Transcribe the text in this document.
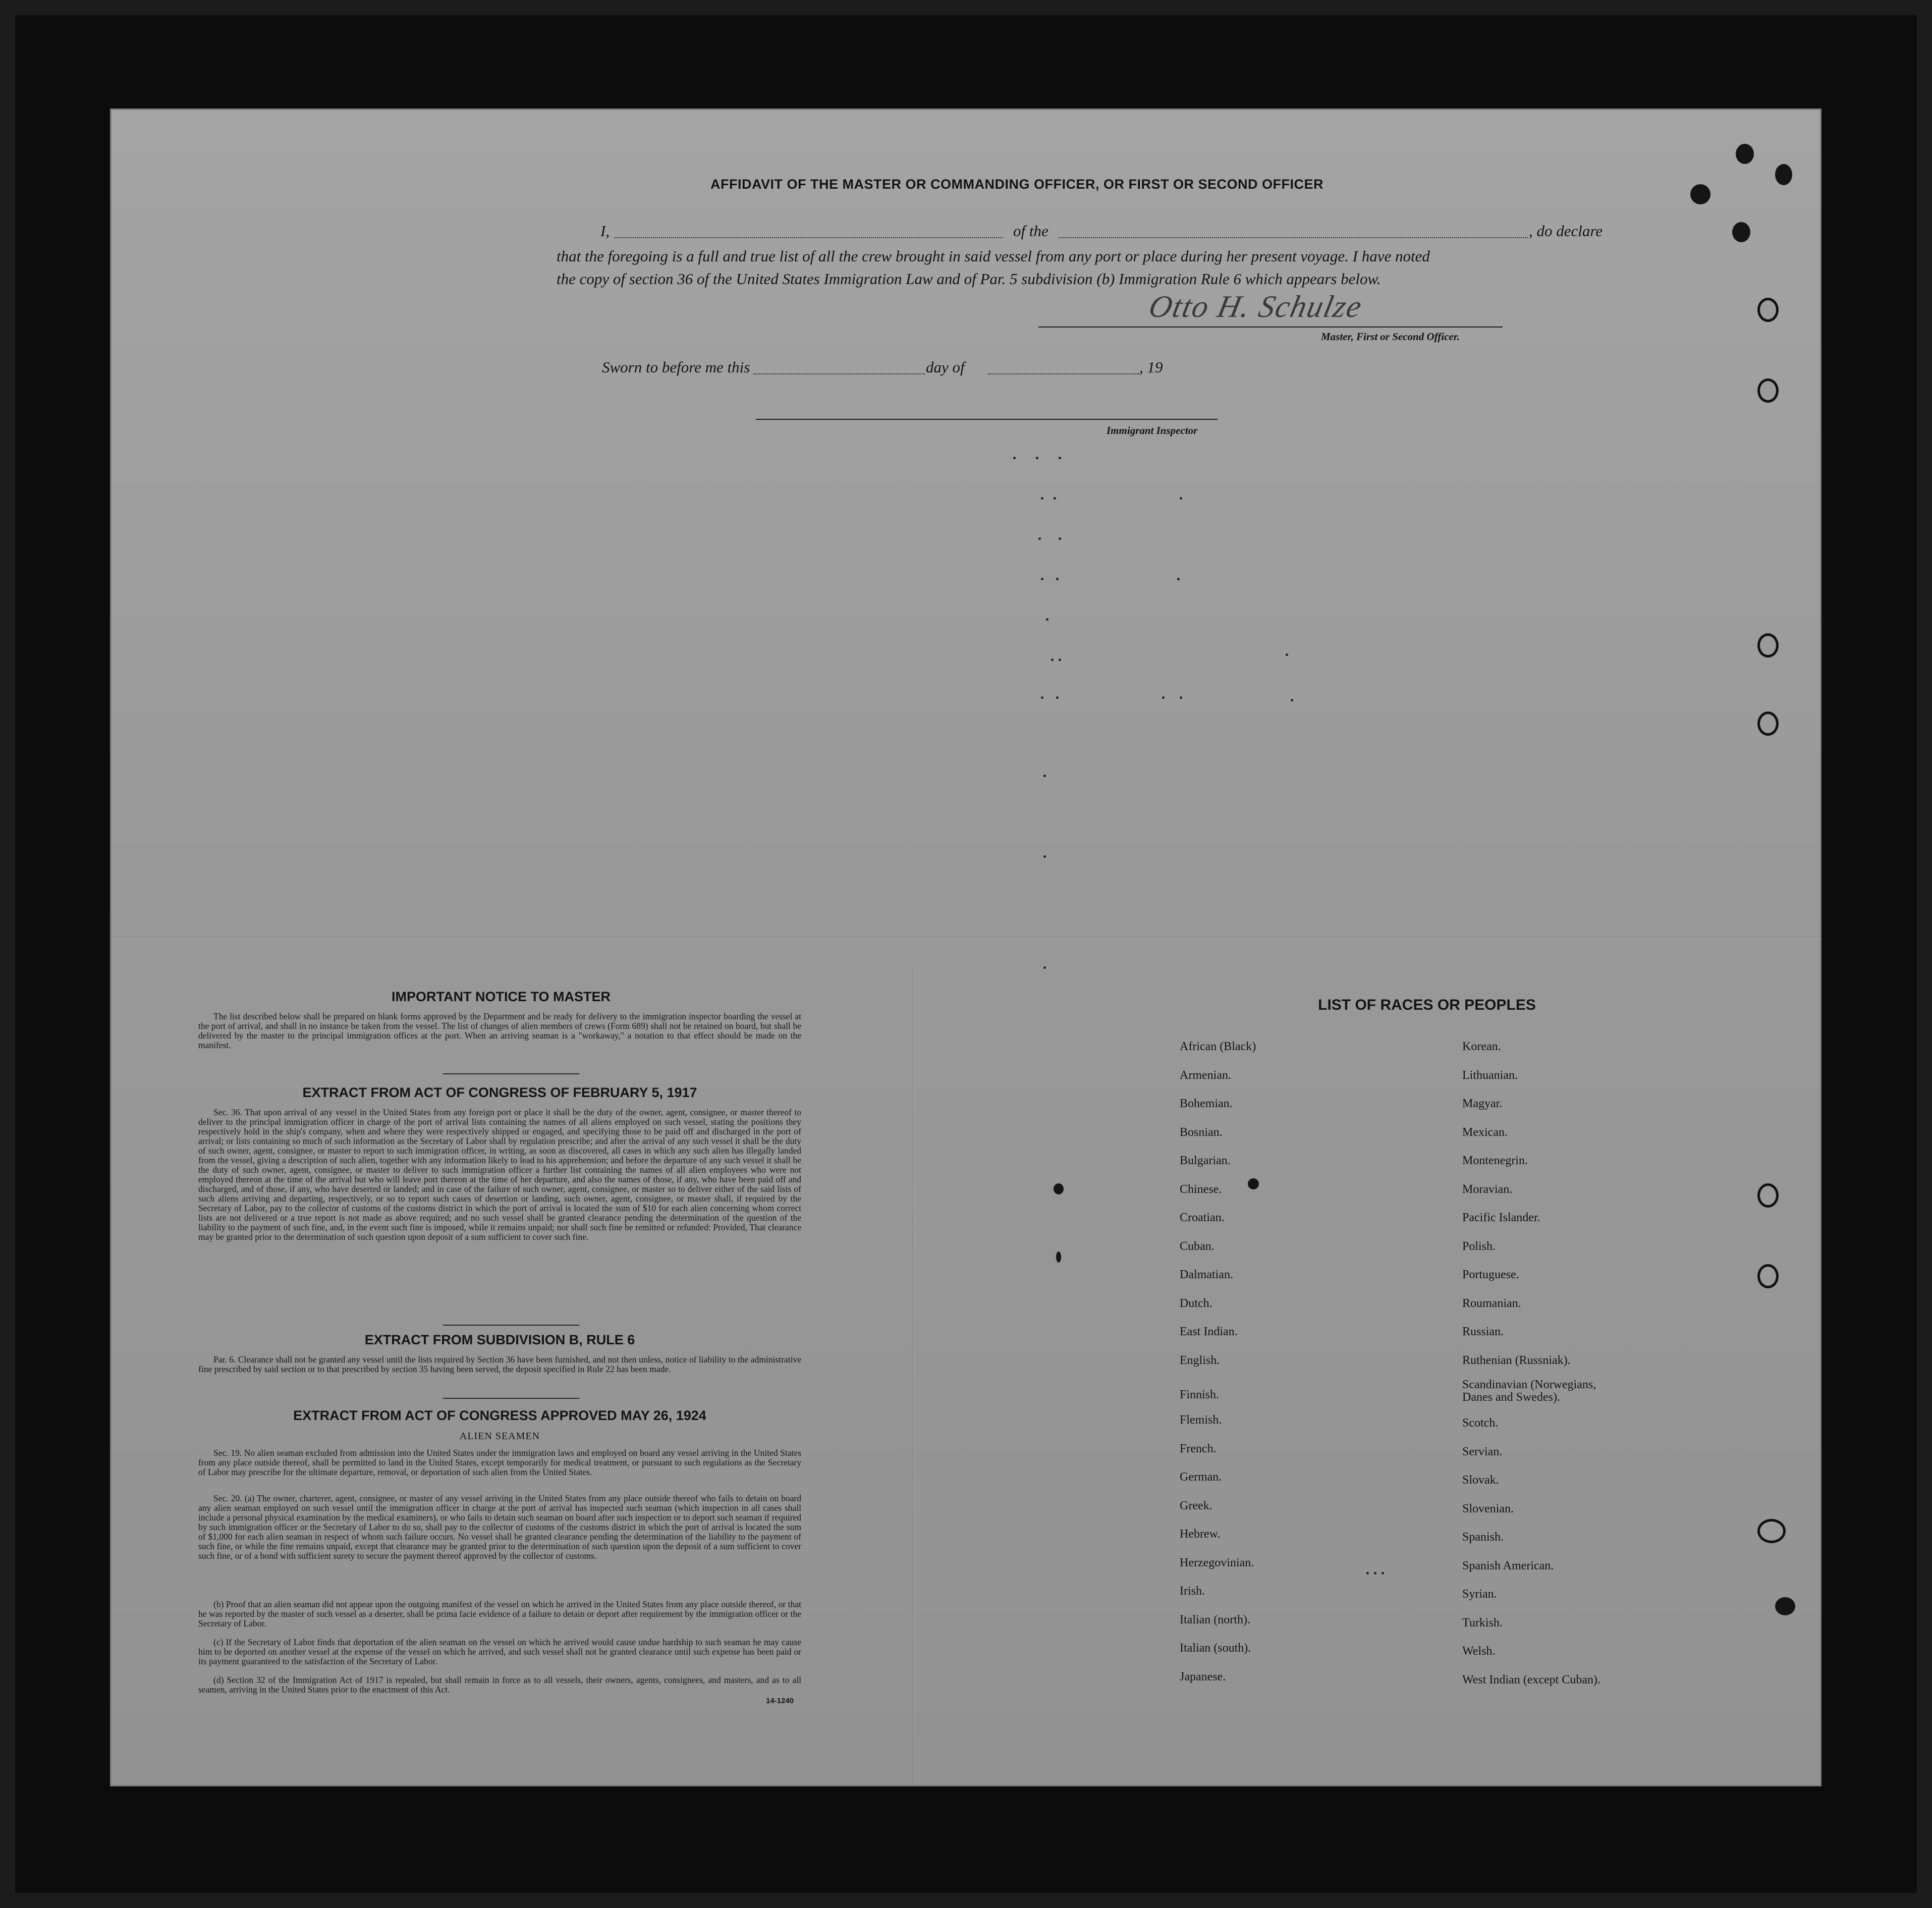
AFFIDAVIT OF THE MASTER OR COMMANDING OFFICER, OR FIRST OR SECOND OFFICER
I,	of the	, do declare
that the foregoing is a full and true list of all the crew brought in said vessel from any port or place during her present voyage. I have noted
the copy of section 36 of the United States Immigration Law and of Par. 5 subdivision (b) Immigration Rule 6 which appears below.
Otto H. Schulze
Master, First or Second Officer.
Sworn to before me this	day of	, 19
Immigrant Inspector
IMPORTANT NOTICE TO MASTER
The list described below shall be prepared on blank forms approved by the Department and be ready for delivery to the immigration inspector boarding the vessel at the port of arrival, and shall in no instance be taken from the vessel. The list of changes of alien members of crews (Form 689) shall not be retained on board, but shall be delivered by the master to the principal immigration offices at the port. When an arriving seaman is a "workaway," a notation to that effect should be made on the manifest.
EXTRACT FROM ACT OF CONGRESS OF FEBRUARY 5, 1917
Sec. 36. That upon arrival of any vessel in the United States from any foreign port or place it shall be the duty of the owner, agent, consignee, or master thereof to deliver to the principal immigration officer in charge of the port of arrival lists containing the names of all aliens employed on such vessel, stating the positions they respectively hold in the ship's company, when and where they were respectively shipped or engaged, and specifying those to be paid off and discharged in the port of arrival; or lists containing so much of such information as the Secretary of Labor shall by regulation prescribe; and after the arrival of any such vessel it shall be the duty of such owner, agent, consignee, or master to report to such immigration officer, in writing, as soon as discovered, all cases in which any such alien has illegally landed from the vessel, giving a description of such alien, together with any information likely to lead to his apprehension; and before the departure of any such vessel it shall be the duty of such owner, agent, consignee, or master to deliver to such immigration officer a further list containing the names of all alien employees who were not employed thereon at the time of the arrival but who will leave port thereon at the time of her departure, and also the names of those, if any, who have been paid off and discharged, and of those, if any, who have deserted or landed; and in case of the failure of such owner, agent, consignee, or master so to deliver either of the said lists of such aliens arriving and departing, respectively, or so to report such cases of desertion or landing, such owner, agent, consignee, or master shall, if required by the Secretary of Labor, pay to the collector of customs of the customs district in which the port of arrival is located the sum of $10 for each alien concerning whom correct lists are not delivered or a true report is not made as above required; and no such vessel shall be granted clearance pending the determination of the question of the liability to the payment of such fine, and, in the event such fine is imposed, while it remains unpaid; nor shall such fine be remitted or refunded: Provided, That clearance may be granted prior to the determination of such question upon deposit of a sum sufficient to cover such fine.
EXTRACT FROM SUBDIVISION B, RULE 6
Par. 6. Clearance shall not be granted any vessel until the lists required by Section 36 have been furnished, and not then unless, notice of liability to the administrative fine prescribed by said section or to that prescribed by section 35 having been served, the deposit specified in Rule 22 has been made.
EXTRACT FROM ACT OF CONGRESS APPROVED MAY 26, 1924
ALIEN SEAMEN
Sec. 19. No alien seaman excluded from admission into the United States under the immigration laws and employed on board any vessel arriving in the United States from any place outside thereof, shall be permitted to land in the United States, except temporarily for medical treatment, or pursuant to such regulations as the Secretary of Labor may prescribe for the ultimate departure, removal, or deportation of such alien from the United States.
Sec. 20. (a) The owner, charterer, agent, consignee, or master of any vessel arriving in the United States from any place outside thereof who fails to detain on board any alien seaman employed on such vessel until the immigration officer in charge at the port of arrival has inspected such seaman (which inspection in all cases shall include a personal physical examination by the medical examiners), or who fails to detain such seaman on board after such inspection or to deport such seaman if required by such immigration officer or the Secretary of Labor to do so, shall pay to the collector of customs of the customs district in which the port of arrival is located the sum of $1,000 for each alien seaman in respect of whom such failure occurs. No vessel shall be granted clearance pending the determination of the liability to the payment of such fine, or while the fine remains unpaid, except that clearance may be granted prior to the determination of such question upon the deposit of a sum sufficient to cover such fine, or of a bond with sufficient surety to secure the payment thereof approved by the collector of customs.
(b) Proof that an alien seaman did not appear upon the outgoing manifest of the vessel on which he arrived in the United States from any place outside thereof, or that he was reported by the master of such vessel as a deserter, shall be prima facie evidence of a failure to detain or deport after requirement by the immigration officer or the Secretary of Labor.
(c) If the Secretary of Labor finds that deportation of the alien seaman on the vessel on which he arrived would cause undue hardship to such seaman he may cause him to be deported on another vessel at the expense of the vessel on which he arrived, and such vessel shall not be granted clearance until such expense has been paid or its payment guaranteed to the satisfaction of the Secretary of Labor.
(d) Section 32 of the Immigration Act of 1917 is repealed, but shall remain in force as to all vessels, their owners, agents, consignees, and masters, and as to all seamen, arriving in the United States prior to the enactment of this Act.
14-1240
LIST OF RACES OR PEOPLES
African (Black)
Armenian.
Bohemian.
Bosnian.
Bulgarian.
Chinese.
Croatian.
Cuban.
Dalmatian.
Dutch.
East Indian.
English.
Finnish.
Flemish.
French.
German.
Greek.
Hebrew.
Herzegovinian.
Irish.
Italian (north).
Italian (south).
Japanese.
Korean.
Lithuanian.
Magyar.
Mexican.
Montenegrin.
Moravian.
Pacific Islander.
Polish.
Portuguese.
Roumanian.
Russian.
Ruthenian (Russniak).
Scandinavian (Norwegians, Danes and Swedes).
Scotch.
Servian.
Slovak.
Slovenian.
Spanish.
Spanish American.
Syrian.
Turkish.
Welsh.
West Indian (except Cuban).
